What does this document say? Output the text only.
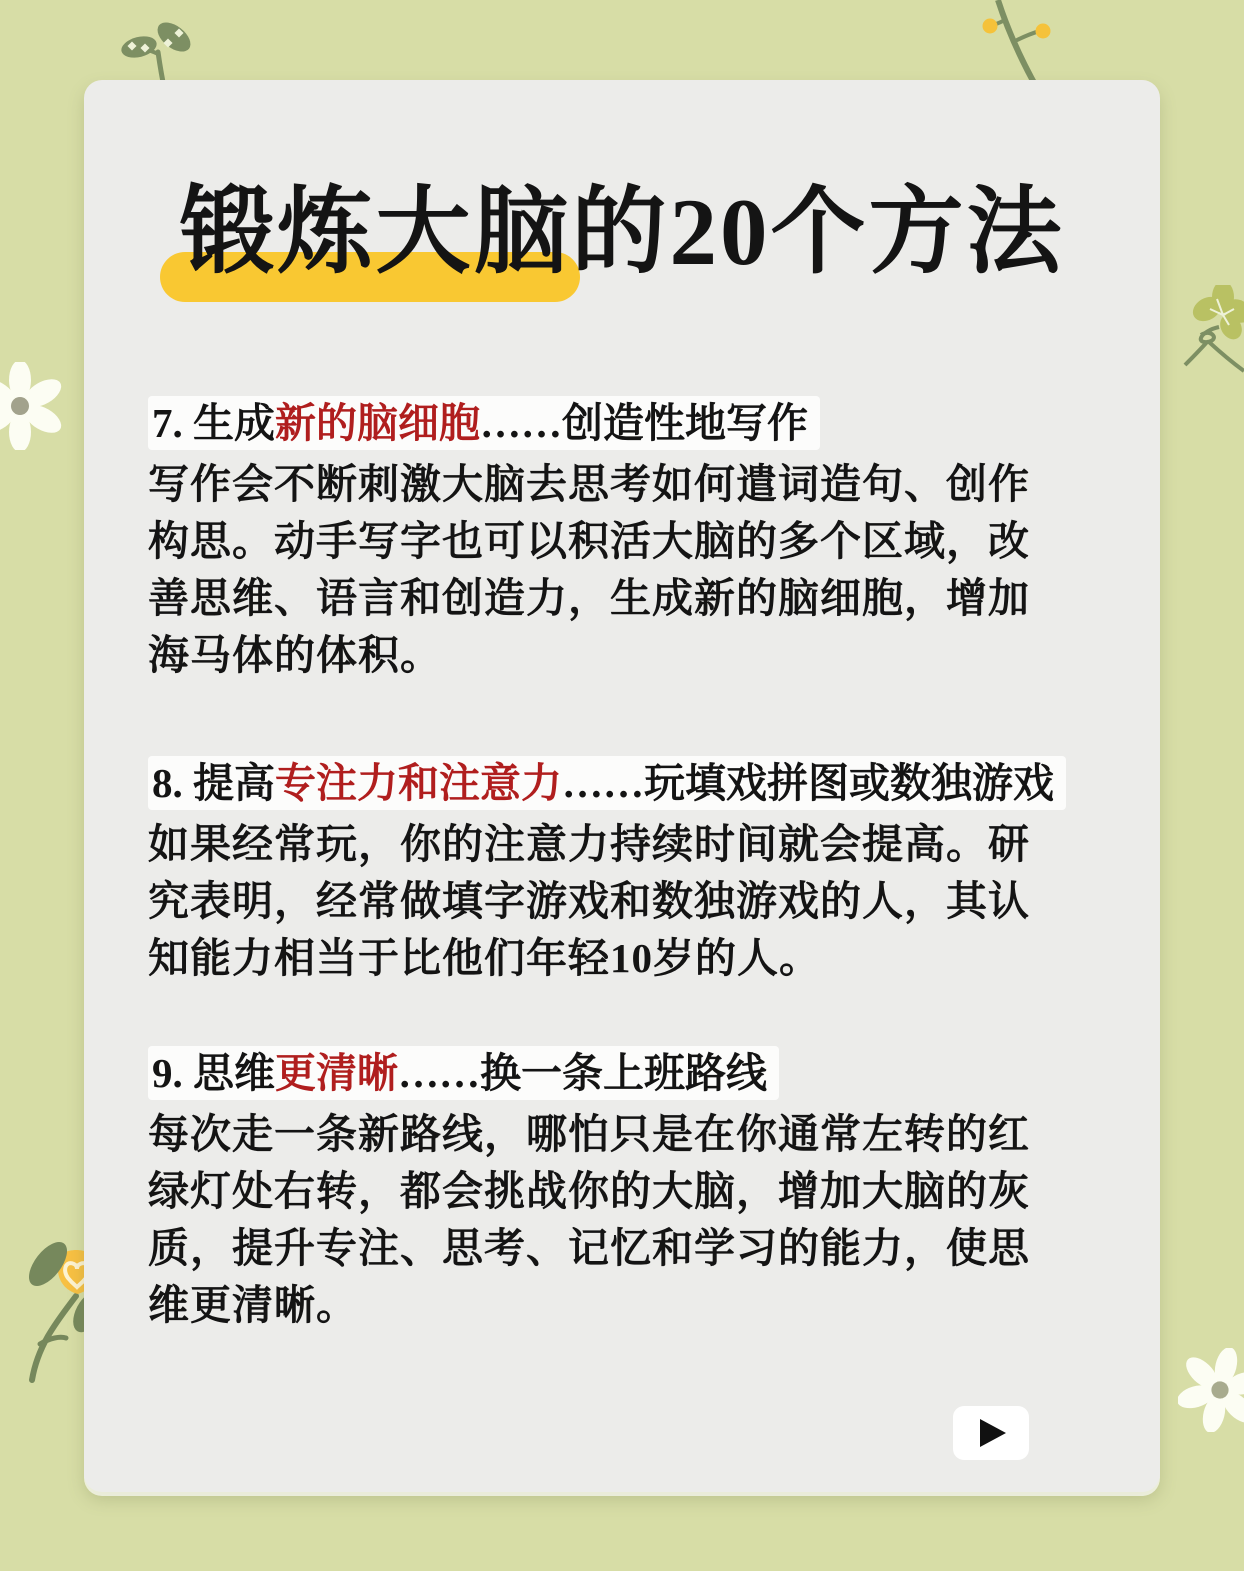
锻炼大脑的20个方法
7. 生成新的脑细胞……创造性地写作
写作会不断刺激大脑去思考如何遣词造句、创作
构思。动手写字也可以积活大脑的多个区域，改
善思维、语言和创造力，生成新的脑细胞，增加
海马体的体积。
8. 提高专注力和注意力……玩填戏拼图或数独游戏
如果经常玩，你的注意力持续时间就会提高。研
究表明，经常做填字游戏和数独游戏的人，其认
知能力相当于比他们年轻10岁的人。
9. 思维更清晰……换一条上班路线
每次走一条新路线，哪怕只是在你通常左转的红
绿灯处右转，都会挑战你的大脑，增加大脑的灰
质，提升专注、思考、记忆和学习的能力，使思
维更清晰。
